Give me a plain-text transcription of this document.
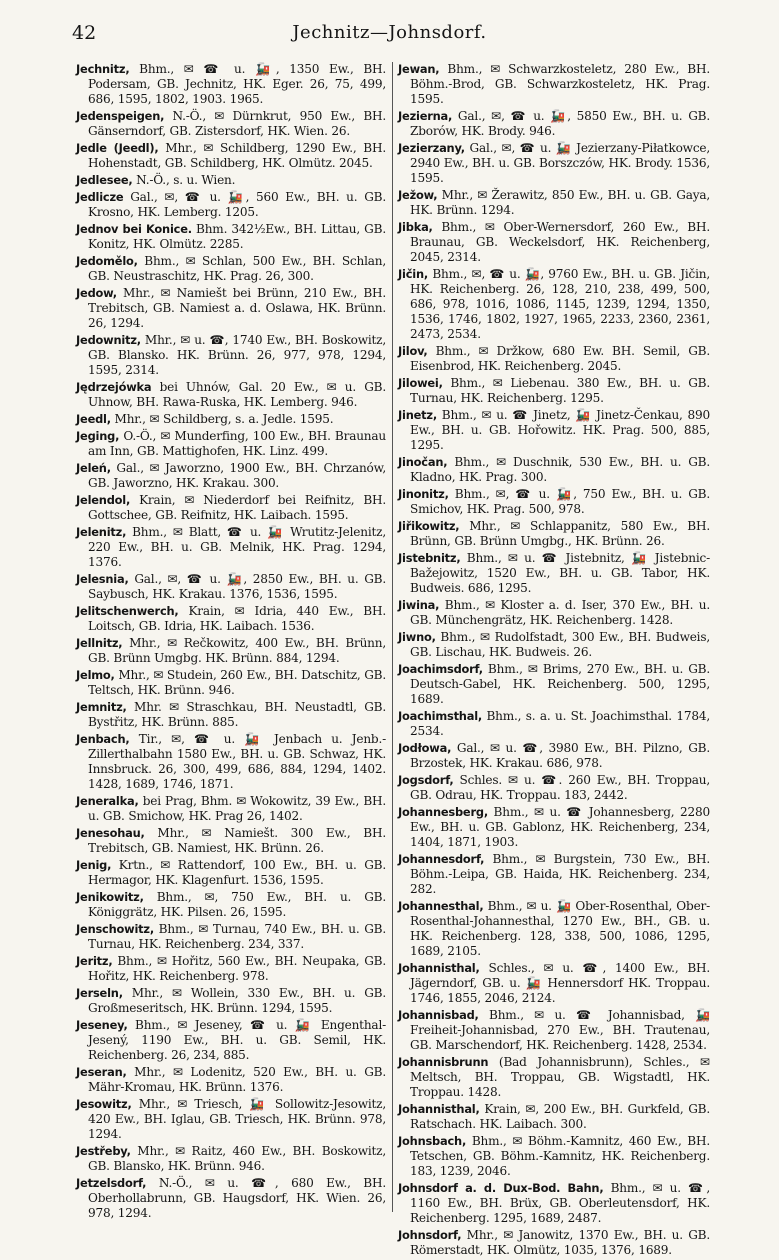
42	Jechnitz—Johnsdorf.
Jechnitz, Bhm., ✉ ☎ u. 🚂, 1350 Ew., BH. Podersam, GB. Jechnitz, HK. Eger. 26, 75, 499, 686, 1595, 1802, 1903. 1965.
Jedenspeigen, N.-Ö., ✉ Dürnkrut, 950 Ew., BH. Gänserndorf, GB. Zistersdorf, HK. Wien. 26.
Jedle (Jeedl), Mhr., ✉ Schildberg, 1290 Ew., BH. Hohenstadt, GB. Schildberg, HK. Olmütz. 2045.
Jedlesee, N.-Ö., s. u. Wien.
Jedlicze Gal., ✉, ☎ u. 🚂, 560 Ew., BH. u. GB. Krosno, HK. Lemberg. 1205.
Jednov bei Konice. Bhm. 342½Ew., BH. Littau, GB. Konitz, HK. Olmütz. 2285.
Jedomělo, Bhm., ✉ Schlan, 500 Ew., BH. Schlan, GB. Neustraschitz, HK. Prag. 26, 300.
Jedow, Mhr., ✉ Namiešt bei Brünn, 210 Ew., BH. Trebitsch, GB. Namiest a. d. Oslawa, HK. Brünn. 26, 1294.
Jedownitz, Mhr., ✉ u. ☎, 1740 Ew., BH. Boskowitz, GB. Blansko. HK. Brünn. 26, 977, 978, 1294, 1595, 2314.
Jędrzejówka bei Uhnów, Gal. 20 Ew., ✉ u. GB. Uhnow, BH. Rawa-Ruska, HK. Lemberg. 946.
Jeedl, Mhr., ✉ Schildberg, s. a. Jedle. 1595.
Jeging, O.-Ö., ✉ Munderfing, 100 Ew., BH. Braunau am Inn, GB. Mattighofen, HK. Linz. 499.
Jeleń, Gal., ✉ Jaworzno, 1900 Ew., BH. Chrzanów, GB. Jaworzno, HK. Krakau. 300.
Jelendol, Krain, ✉ Niederdorf bei Reifnitz, BH. Gottschee, GB. Reifnitz, HK. Laibach. 1595.
Jelenitz, Bhm., ✉ Blatt, ☎ u. 🚂 Wrutitz-Jelenitz, 220 Ew., BH. u. GB. Melnik, HK. Prag. 1294, 1376.
Jelesnia, Gal., ✉, ☎ u. 🚂, 2850 Ew., BH. u. GB. Saybusch, HK. Krakau. 1376, 1536, 1595.
Jelitschenwerch, Krain, ✉ Idria, 440 Ew., BH. Loitsch, GB. Idria, HK. Laibach. 1536.
Jellnitz, Mhr., ✉ Rečkowitz, 400 Ew., BH. Brünn, GB. Brünn Umgbg. HK. Brünn. 884, 1294.
Jelmo, Mhr., ✉ Studein, 260 Ew., BH. Datschitz, GB. Teltsch, HK. Brünn. 946.
Jemnitz, Mhr. ✉ Straschkau, BH. Neustadtl, GB. Bystřitz, HK. Brünn. 885.
Jenbach, Tir., ✉, ☎ u. 🚂 Jenbach u. Jenb.-Zillerthalbahn 1580 Ew., BH. u. GB. Schwaz, HK. Innsbruck. 26, 300, 499, 686, 884, 1294, 1402. 1428, 1689, 1746, 1871.
Jeneralka, bei Prag, Bhm. ✉ Wokowitz, 39 Ew., BH. u. GB. Smichow, HK. Prag 26, 1402.
Jenesohau, Mhr., ✉ Namiešt. 300 Ew., BH. Trebitsch, GB. Namiest, HK. Brünn. 26.
Jenig, Krtn., ✉ Rattendorf, 100 Ew., BH. u. GB. Hermagor, HK. Klagenfurt. 1536, 1595.
Jenikowitz, Bhm., ✉, 750 Ew., BH. u. GB. Königgrätz, HK. Pilsen. 26, 1595.
Jenschowitz, Bhm., ✉ Turnau, 740 Ew., BH. u. GB. Turnau, HK. Reichenberg. 234, 337.
Jeritz, Bhm., ✉ Hořitz, 560 Ew., BH. Neupaka, GB. Hořitz, HK. Reichenberg. 978.
Jerseln, Mhr., ✉ Wollein, 330 Ew., BH. u. GB. Großmeseritsch, HK. Brünn. 1294, 1595.
Jeseney, Bhm., ✉ Jeseney, ☎ u. 🚂 Engenthal-Jesený, 1190 Ew., BH. u. GB. Semil, HK. Reichenberg. 26, 234, 885.
Jeseran, Mhr., ✉ Lodenitz, 520 Ew., BH. u. GB. Mähr-Kromau, HK. Brünn. 1376.
Jesowitz, Mhr., ✉ Triesch, 🚂 Sollowitz-Jesowitz, 420 Ew., BH. Iglau, GB. Triesch, HK. Brünn. 978, 1294.
Jestřeby, Mhr., ✉ Raitz, 460 Ew., BH. Boskowitz, GB. Blansko, HK. Brünn. 946.
Jetzelsdorf, N.-Ö., ✉ u. ☎, 680 Ew., BH. Oberhollabrunn, GB. Haugsdorf, HK. Wien. 26, 978, 1294.
Jewan, Bhm., ✉ Schwarzkosteletz, 280 Ew., BH. Böhm.-Brod, GB. Schwarzkosteletz, HK. Prag. 1595.
Jezierna, Gal., ✉, ☎ u. 🚂, 5850 Ew., BH. u. GB. Zborów, HK. Brody. 946.
Jezierzany, Gal., ✉, ☎ u. 🚂 Jezierzany-Piłatkowce, 2940 Ew., BH. u. GB. Borszczów, HK. Brody. 1536, 1595.
Ježow, Mhr., ✉ Žerawitz, 850 Ew., BH. u. GB. Gaya, HK. Brünn. 1294.
Jibka, Bhm., ✉ Ober-Wernersdorf, 260 Ew., BH. Braunau, GB. Weckelsdorf, HK. Reichenberg, 2045, 2314.
Jičin, Bhm., ✉, ☎ u. 🚂, 9760 Ew., BH. u. GB. Jičin, HK. Reichenberg. 26, 128, 210, 238, 499, 500, 686, 978, 1016, 1086, 1145, 1239, 1294, 1350, 1536, 1746, 1802, 1927, 1965, 2233, 2360, 2361, 2473, 2534.
Jilov, Bhm., ✉ Držkow, 680 Ew. BH. Semil, GB. Eisenbrod, HK. Reichenberg. 2045.
Jilowei, Bhm., ✉ Liebenau. 380 Ew., BH. u. GB. Turnau, HK. Reichenberg. 1295.
Jinetz, Bhm., ✉ u. ☎ Jinetz, 🚂 Jinetz-Čenkau, 890 Ew., BH. u. GB. Hořowitz. HK. Prag. 500, 885, 1295.
Jinočan, Bhm., ✉ Duschnik, 530 Ew., BH. u. GB. Kladno, HK. Prag. 300.
Jinonitz, Bhm., ✉, ☎ u. 🚂, 750 Ew., BH. u. GB. Smichov, HK. Prag. 500, 978.
Jiřikowitz, Mhr., ✉ Schlappanitz, 580 Ew., BH. Brünn, GB. Brünn Umgbg., HK. Brünn. 26.
Jistebnitz, Bhm., ✉ u. ☎ Jistebnitz, 🚂 Jistebnic-Bažejowitz, 1520 Ew., BH. u. GB. Tabor, HK. Budweis. 686, 1295.
Jiwina, Bhm., ✉ Kloster a. d. Iser, 370 Ew., BH. u. GB. Münchengrätz, HK. Reichenberg. 1428.
Jiwno, Bhm., ✉ Rudolfstadt, 300 Ew., BH. Budweis, GB. Lischau, HK. Budweis. 26.
Joachimsdorf, Bhm., ✉ Brims, 270 Ew., BH. u. GB. Deutsch-Gabel, HK. Reichenberg. 500, 1295, 1689.
Joachimsthal, Bhm., s. a. u. St. Joachimsthal. 1784, 2534.
Jodłowa, Gal., ✉ u. ☎, 3980 Ew., BH. Pilzno, GB. Brzostek, HK. Krakau. 686, 978.
Jogsdorf, Schles. ✉ u. ☎. 260 Ew., BH. Troppau, GB. Odrau, HK. Troppau. 183, 2442.
Johannesberg, Bhm., ✉ u. ☎ Johannesberg, 2280 Ew., BH. u. GB. Gablonz, HK. Reichenberg, 234, 1404, 1871, 1903.
Johannesdorf, Bhm., ✉ Burgstein, 730 Ew., BH. Böhm.-Leipa, GB. Haida, HK. Reichenberg. 234, 282.
Johannesthal, Bhm., ✉ u. 🚂 Ober-Rosenthal, Ober-Rosenthal-Johannesthal, 1270 Ew., BH., GB. u. HK. Reichenberg. 128, 338, 500, 1086, 1295, 1689, 2105.
Johannisthal, Schles., ✉ u. ☎, 1400 Ew., BH. Jägerndorf, GB. u. 🚂 Hennersdorf HK. Troppau. 1746, 1855, 2046, 2124.
Johannisbad, Bhm., ✉ u. ☎ Johannisbad, 🚂 Freiheit-Johannisbad, 270 Ew., BH. Trautenau, GB. Marschendorf, HK. Reichenberg. 1428, 2534.
Johannisbrunn (Bad Johannisbrunn), Schles., ✉ Meltsch, BH. Troppau, GB. Wigstadtl, HK. Troppau. 1428.
Johannisthal, Krain, ✉, 200 Ew., BH. Gurkfeld, GB. Ratschach. HK. Laibach. 300.
Johnsbach, Bhm., ✉ Böhm.-Kamnitz, 460 Ew., BH. Tetschen, GB. Böhm.-Kamnitz, HK. Reichenberg. 183, 1239, 2046.
Johnsdorf a. d. Dux-Bod. Bahn, Bhm., ✉ u. ☎, 1160 Ew., BH. Brüx, GB. Oberleutensdorf, HK. Reichenberg. 1295, 1689, 2487.
Johnsdorf, Mhr., ✉ Janowitz, 1370 Ew., BH. u. GB. Römerstadt, HK. Olmütz, 1035, 1376, 1689.
